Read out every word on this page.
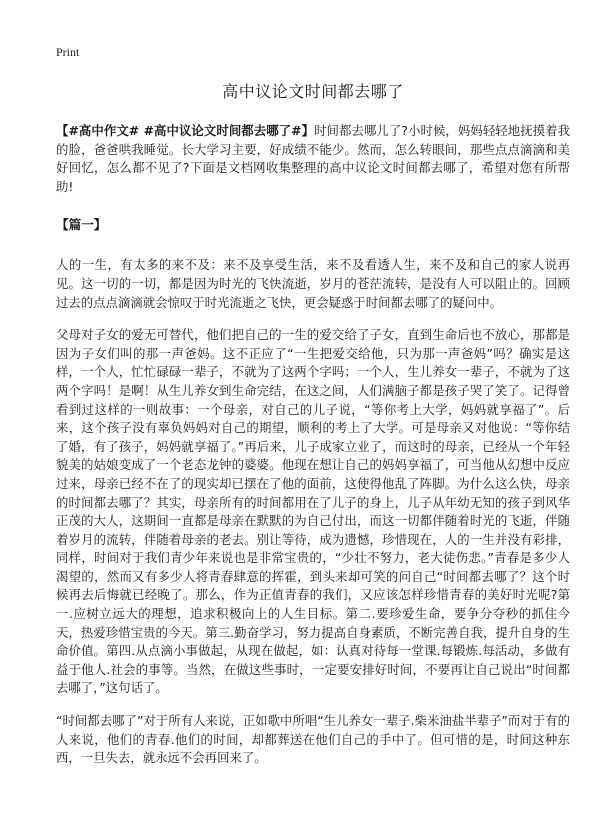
Print
高中议论文时间都去哪了

【#高中作文# #高中议论文时间都去哪了#】时间都去哪儿了?小时候，妈妈轻轻地抚摸着我的脸，爸爸哄我睡觉。长大学习主要，好成绩不能少。然而，怎么转眼间，那些点点滴滴和美好回忆，怎么都不见了?下面是文档网收集整理的高中议论文时间都去哪了，希望对您有所帮助!

【篇一】

人的一生，有太多的来不及：来不及享受生活，来不及看透人生，来不及和自己的家人说再见。这一切的一切，都是因为时光的飞快流逝，岁月的苍茫流转，是没有人可以阻止的。回顾过去的点点滴滴就会惊叹于时光流逝之飞快，更会疑惑于时间都去哪了的疑问中。

父母对子女的爱无可替代，他们把自己的一生的爱交给了子女，直到生命后也不放心，那都是因为子女们叫的那一声爸妈。这不正应了“一生把爱交给他，只为那一声爸妈”吗？确实是这样，一个人，忙忙碌碌一辈子，不就为了这两个字吗；一个人，生儿养女一辈子，不就为了这两个字吗！是啊！从生儿养女到生命完结，在这之间，人们满脑子都是孩子哭了笑了。记得曾看到过这样的一则故事：一个母亲，对自己的儿子说，“等你考上大学，妈妈就享福了”。后来，这个孩子没有辜负妈妈对自己的期望，顺利的考上了大学。可是母亲又对他说：“等你结了婚，有了孩子，妈妈就享福了。”再后来，儿子成家立业了，而这时的母亲，已经从一个年轻貌美的姑娘变成了一个老态龙钟的婆婆。他现在想让自己的妈妈享福了，可当他从幻想中反应过来，母亲已经不在了的现实却已摆在了他的面前，这使得他乱了阵脚。为什么这么快，母亲的时间都去哪了？其实，母亲所有的时间都用在了儿子的身上，儿子从年幼无知的孩子到风华正茂的大人，这期间一直都是母亲在默默的为自己付出，而这一切都伴随着时光的飞逝，伴随着岁月的流转，伴随着母亲的老去。别让等待，成为遗憾，珍惜现在，人的一生并没有彩排，同样，时间对于我们青少年来说也是非常宝贵的，“少壮不努力，老大徒伤悲。”青春是多少人渴望的，然而又有多少人将青春肆意的挥霍，到头来却可笑的问自己“时间都去哪了？这个时候再去后悔就已经晚了。那么，作为正值青春的我们，又应该怎样珍惜青春的美好时光呢?第一.应树立远大的理想，追求积极向上的人生目标。第二.要珍爱生命，要争分夺秒的抓住今天，热爱珍惜宝贵的今天。第三.勤奋学习，努力提高自身素质，不断完善自我，提升自身的生命价值。第四.从点滴小事做起，从现在做起，如：认真对待每一堂课.每锻炼.每活动，多做有益于他人.社会的事等。当然，在做这些事时，一定要安排好时间，不要再让自己说出“时间都去哪了，”这句话了。

“时间都去哪了”对于所有人来说，正如歌中所唱“生儿养女一辈子.柴米油盐半辈子”而对于有的人来说，他们的青春.他们的时间，却都葬送在他们自己的手中了。但可惜的是，时间这种东西，一旦失去，就永远不会再回来了。
